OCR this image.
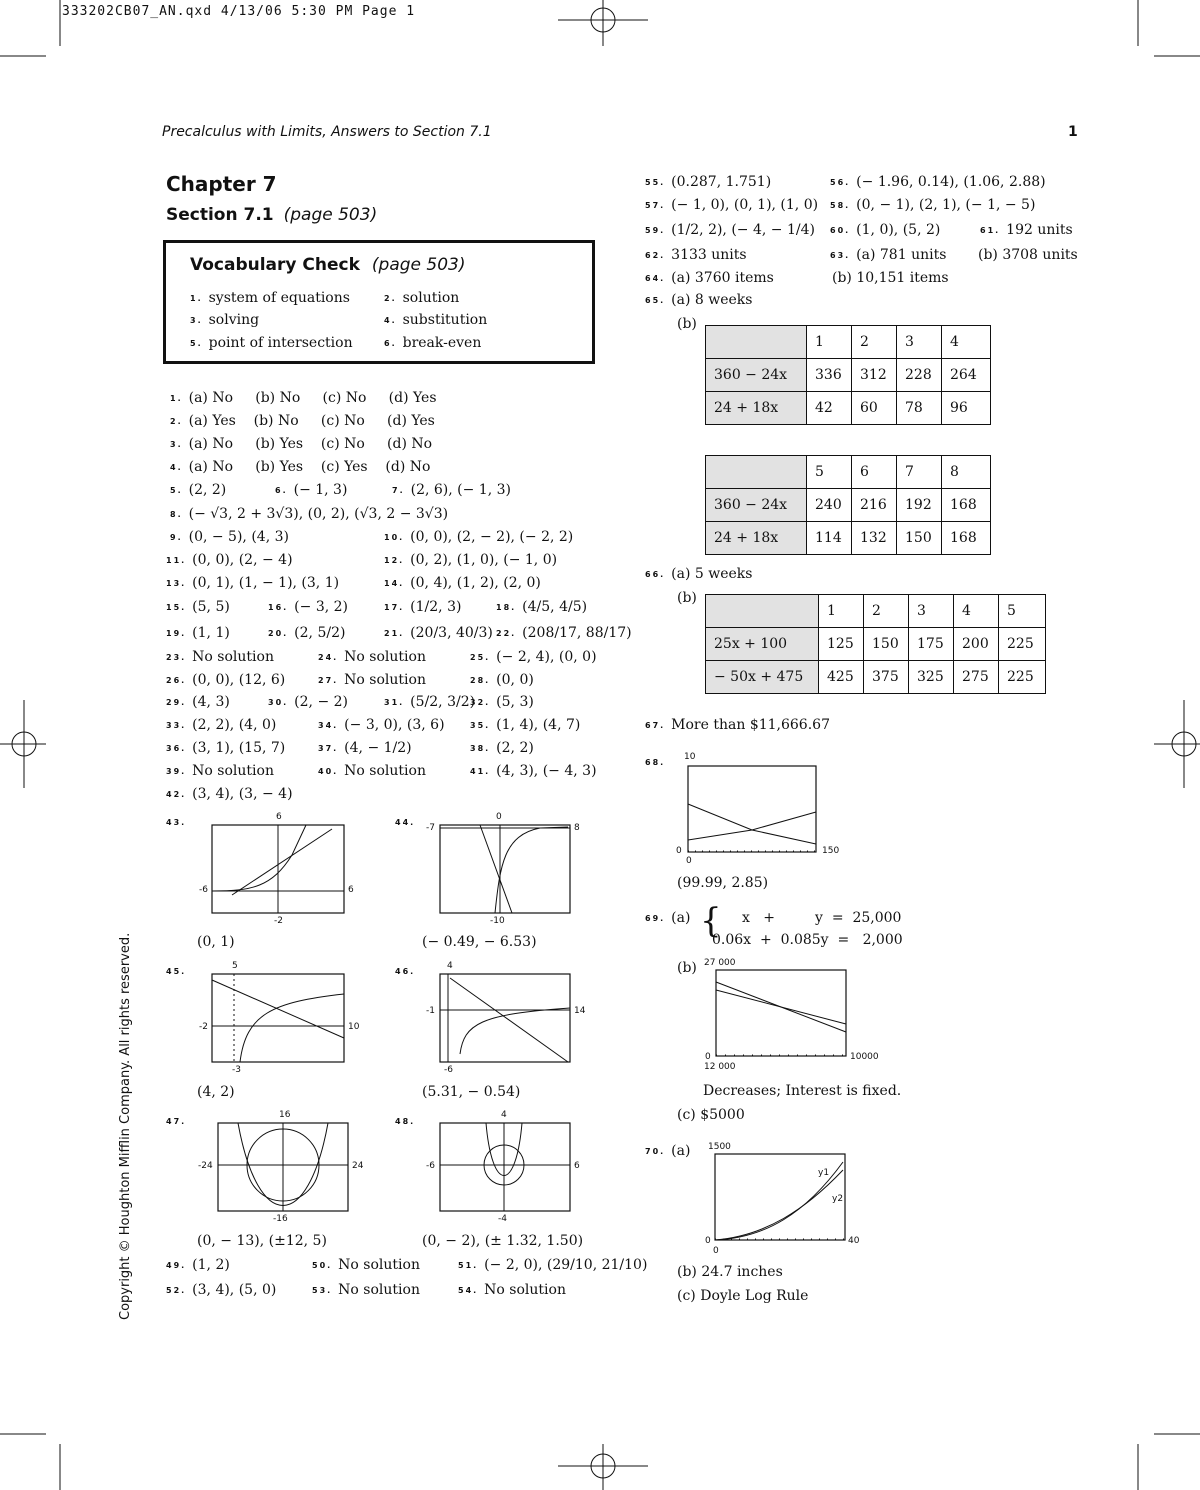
333202CB07_AN.qxd 4/13/06 5:30 PM Page 1
Precalculus with Limits, Answers to Section 7.1	1
Chapter 7
Section 7.1 (page 503)
Vocabulary Check (page 503)
1. system of equations	2. solution
3. solving	4. substitution
5. point of intersection	6. break-even
1. (a) No     (b) No     (c) No     (d) Yes
2. (a) Yes    (b) No     (c) No     (d) Yes
3. (a) No     (b) Yes    (c) No     (d) No
4. (a) No     (b) Yes    (c) Yes    (d) No
5. (2, 2)	6. (− 1, 3)	7. (2, 6), (− 1, 3)
8. (− √3, 2 + 3√3), (0, 2), (√3, 2 − 3√3)
9. (0, − 5), (4, 3)	10. (0, 0), (2, − 2), (− 2, 2)
11. (0, 0), (2, − 4)	12. (0, 2), (1, 0), (− 1, 0)
13. (0, 1), (1, − 1), (3, 1)	14. (0, 4), (1, 2), (2, 0)
15. (5, 5)	16. (− 3, 2)	17. (1/2, 3)	18. (4/5, 4/5)
19. (1, 1)	20. (2, 5/2)	21. (20/3, 40/3) 22. (208/17, 88/17)
23. No solution	24. No solution	25. (− 2, 4), (0, 0)
26. (0, 0), (12, 6)	27. No solution	28. (0, 0)
29. (4, 3)	30. (2, − 2)	31. (5/2, 3/2)
32. (5, 3)
33. (2, 2), (4, 0)	34. (− 3, 0), (3, 6)	35. (1, 4), (4, 7)
36. (3, 1), (15, 7)	37. (4, − 1/2)	38. (2, 2)
39. No solution	40. No solution	41. (4, 3), (− 4, 3)
42. (3, 4), (3, − 4)
43.	44.
45.	46.
47.	48.
6
-2
-6	6
(0, 1)
0
-10
-7	8
(− 0.49, − 6.53)
5
-3
-2	10
(4, 2)
4
-6
-1	14
(5.31, − 0.54)
16
-16
-24	24
(0, − 13), (±12, 5)
4
-4
-6	6
(0, − 2), (± 1.32, 1.50)
49. (1, 2)	50. No solution	51. (− 2, 0), (29/10, 21/10)
52. (3, 4), (5, 0)	53. No solution	54. No solution
Copyright © Houghton Mifflin Company. All rights reserved.
55. (0.287, 1.751)	56. (− 1.96, 0.14), (1.06, 2.88)
57. (− 1, 0), (0, 1), (1, 0) 58. (0, − 1), (2, 1), (− 1, − 5)
59. (1/2, 2), (− 4, − 1/4) 60. (1, 0), (5, 2)	61. 192 units
62. 3133 units	63. (a) 781 units (b) 3708 units
64. (a) 3760 items	(b) 10,151 items
65. (a) 8 weeks
(b)
	1	2	3	4
360 − 24x	336	312	228	264
24 + 18x	42	60	78	96
	5	6	7	8
360 − 24x	240	216	192	168
24 + 18x	114	132	150	168
66. (a) 5 weeks
(b)
	1	2	3	4	5
25x + 100	125	150	175	200	225
− 50x + 475	425	375	325	275	225
67. More than $11,666.67
68.
10
0
0
150
(99.99, 2.85)
69. (a) { x   +         y  =  25,000
0.06x  +  0.085y  =   2,000
(b) 27 000
0
12 000
10000
Decreases; Interest is fixed.
(c) $5000
70. (a) 1500
0
0
40
y1
y2
(b) 24.7 inches
(c) Doyle Log Rule
